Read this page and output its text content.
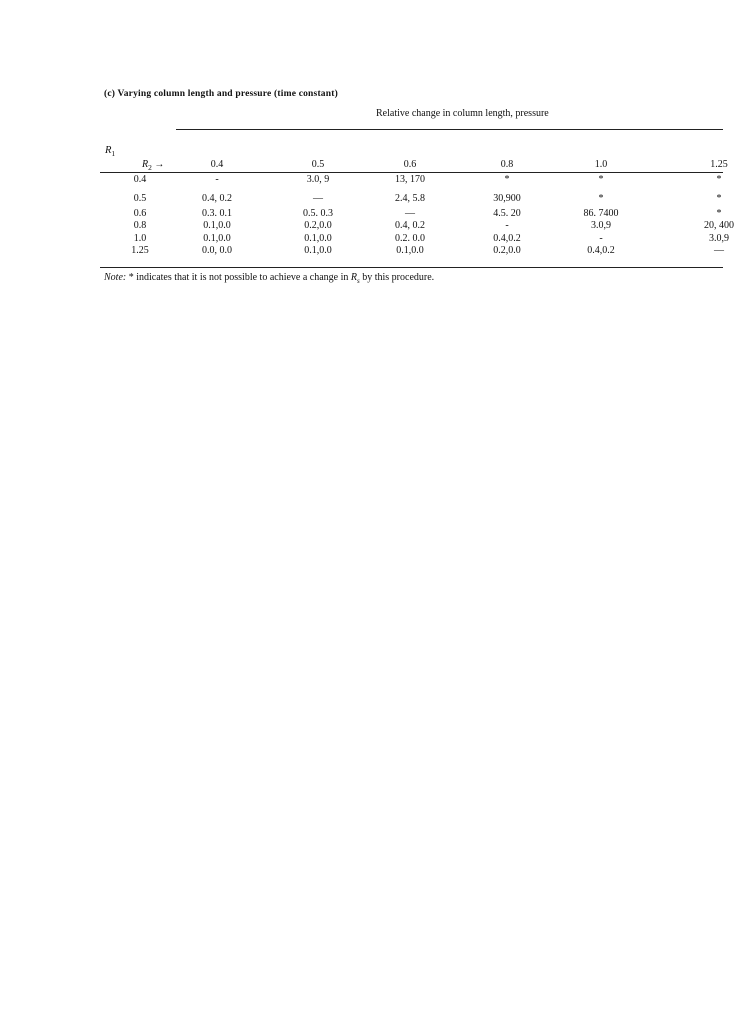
(c) Varying column length and pressure (time constant)
Relative change in column length, pressure
$R_1$
$R_2$ →	0.4	0.5	0.6	0.8	1.0	1.25
0.4	-	3.0, 9	13, 170	*	*	*
0.5	0.4, 0.2	—	2.4, 5.8	30,900	*	*
0.6	0.3. 0.1	0.5. 0.3	—	4.5. 20	86. 7400	*
0.8	0.1,0.0	0.2,0.0	0.4, 0.2	-	3.0,9	20, 400
1.0	0.1,0.0	0.1,0.0	0.2. 0.0	0.4,0.2	-	3.0,9
1.25	0.0, 0.0	0.1,0.0	0.1,0.0	0.2,0.0	0.4,0.2	—
Note: * indicates that it is not possible to achieve a change in $R_s$ by this procedure.
